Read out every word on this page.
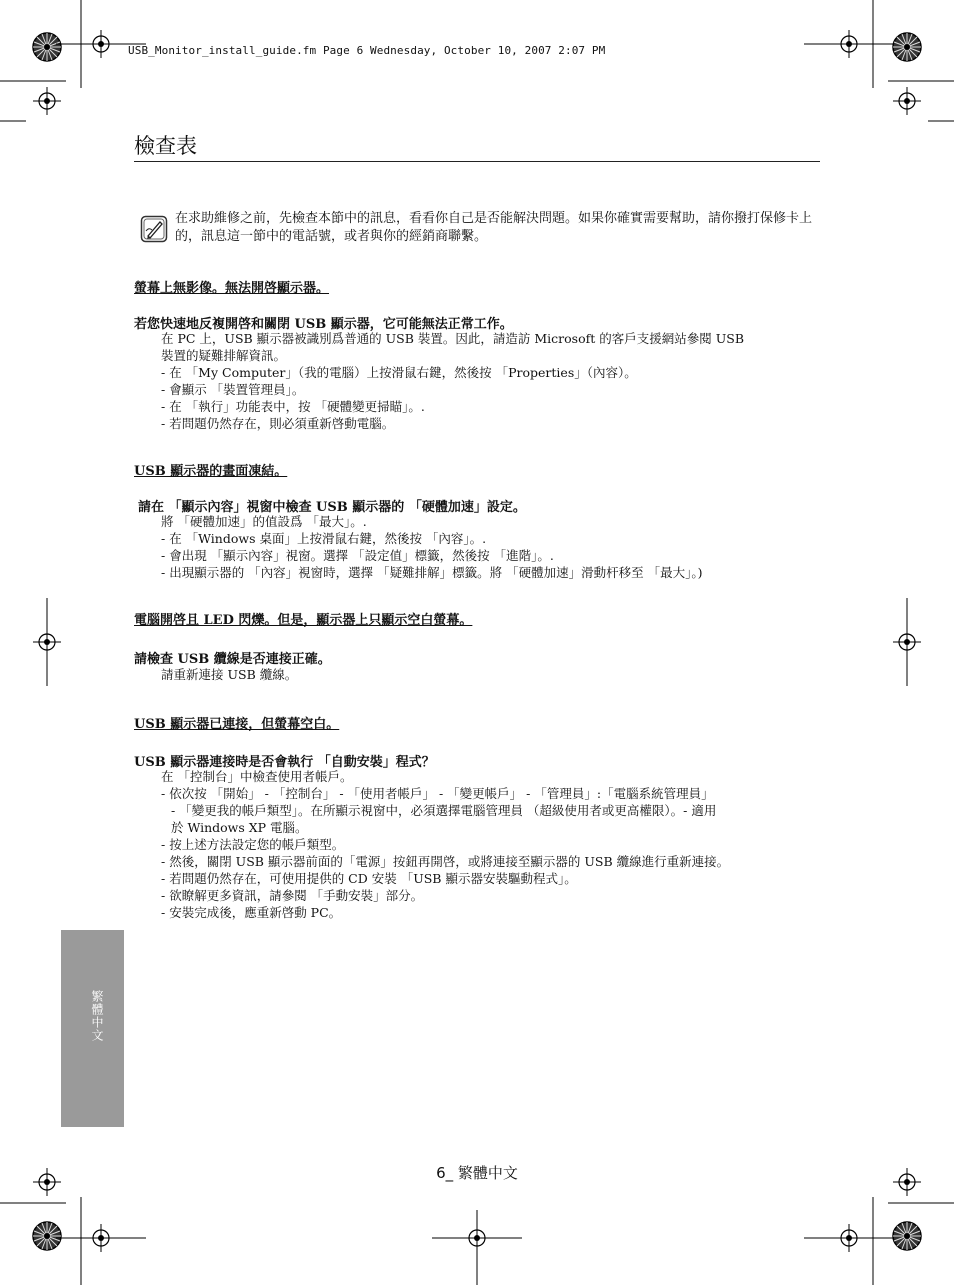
USB_Monitor_install_guide.fm Page 6 Wednesday, October 10, 2007 2:07 PM
檢查表
在求助維修之前，先檢查本節中的訊息，看看你自己是否能解決問題。如果你確實需要幫助，請你撥打保修卡上的，訊息這一節中的電話號，或者與你的經銷商聯繫。
螢幕上無影像。無法開啓顯示器。
若您快速地反複開啓和關閉 USB 顯示器，它可能無法正常工作。
在 PC 上，USB 顯示器被識別爲普通的 USB 裝置。因此，請造訪 Microsoft 的客戶支援網站參閱 USB
裝置的疑難排解資訊。
- 在 「My Computer」（我的電腦）上按滑鼠右鍵，然後按 「Properties」（內容）。
- 會顯示 「裝置管理員」。
- 在 「執行」功能表中，按 「硬體變更掃瞄」。.
- 若問題仍然存在，則必須重新啓動電腦。
USB 顯示器的畫面凍結。
請在 「顯示內容」視窗中檢查 USB 顯示器的 「硬體加速」設定。
將 「硬體加速」的值設爲 「最大」。.
- 在 「Windows 桌面」上按滑鼠右鍵，然後按 「內容」。.
- 會出現 「顯示內容」視窗。選擇 「設定值」標籤，然後按 「進階」。.
- 出現顯示器的 「內容」視窗時，選擇 「疑難排解」標籤。將 「硬體加速」滑動杆移至 「最大」。)
電腦開啓且 LED 閃爍。但是，顯示器上只顯示空白螢幕。
請檢查 USB 纜線是否連接正確。
請重新連接 USB 纜線。
USB 顯示器已連接，但螢幕空白。
USB 顯示器連接時是否會執行 「自動安裝」程式？
在 「控制台」中檢查使用者帳戶。
- 依次按 「開始」 - 「控制台」 - 「使用者帳戶」 - 「變更帳戶」 - 「管理員」:「電腦系統管理員」
- 「變更我的帳戶類型」。在所顯示視窗中，必須選擇電腦管理員 （超級使用者或更高權限）。- 適用
於 Windows XP 電腦。
- 按上述方法設定您的帳戶類型。
- 然後，關閉 USB 顯示器前面的「電源」按鈕再開啓，或將連接至顯示器的 USB 纜線進行重新連接。
- 若問題仍然存在，可使用提供的 CD 安裝 「USB 顯示器安裝驅動程式」。
- 欲瞭解更多資訊，請參閱 「手動安裝」部分。
- 安裝完成後，應重新啓動 PC。
繁體中文
6_ 繁體中文
